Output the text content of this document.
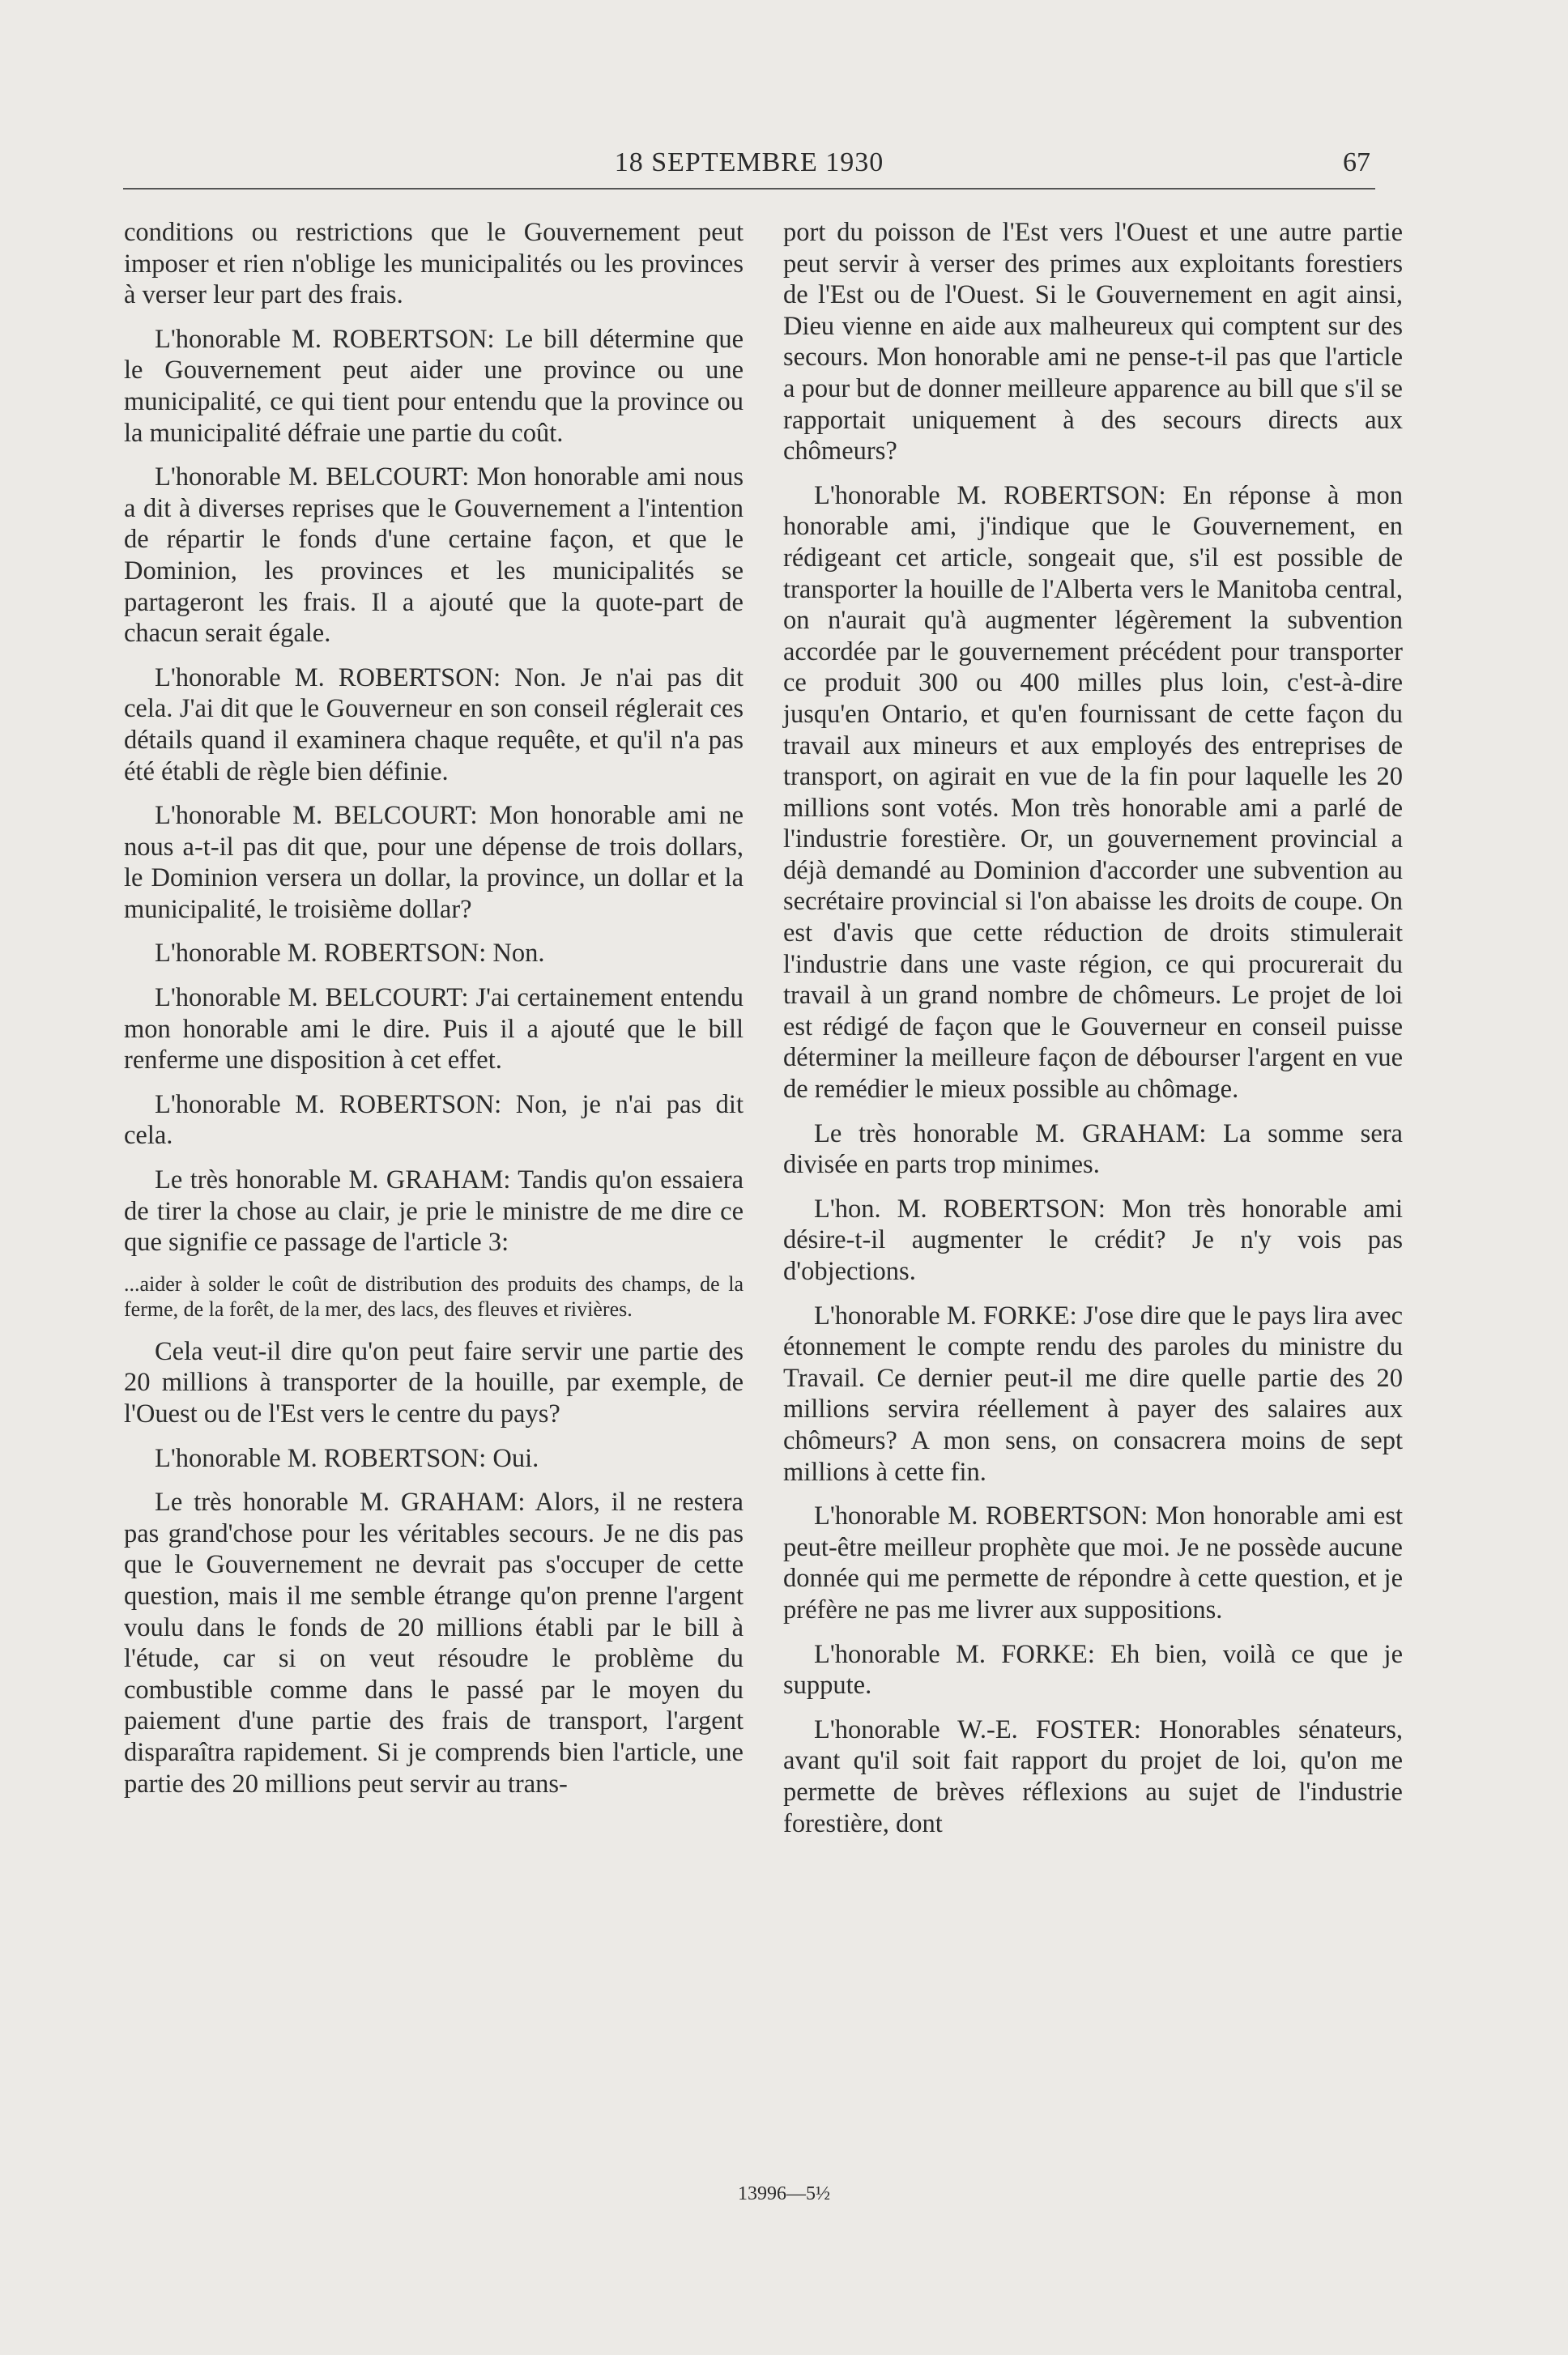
18 SEPTEMBRE 1930	67

conditions ou restrictions que le Gouvernement peut imposer et rien n'oblige les municipalités ou les provinces à verser leur part des frais.

L'honorable M. ROBERTSON: Le bill détermine que le Gouvernement peut aider une province ou une municipalité, ce qui tient pour entendu que la province ou la municipalité défraie une partie du coût.

L'honorable M. BELCOURT: Mon honorable ami nous a dit à diverses reprises que le Gouvernement a l'intention de répartir le fonds d'une certaine façon, et que le Dominion, les provinces et les municipalités se partageront les frais. Il a ajouté que la quote-part de chacun serait égale.

L'honorable M. ROBERTSON: Non. Je n'ai pas dit cela. J'ai dit que le Gouverneur en son conseil réglerait ces détails quand il examinera chaque requête, et qu'il n'a pas été établi de règle bien définie.

L'honorable M. BELCOURT: Mon honorable ami ne nous a-t-il pas dit que, pour une dépense de trois dollars, le Dominion versera un dollar, la province, un dollar et la municipalité, le troisième dollar?

L'honorable M. ROBERTSON: Non.

L'honorable M. BELCOURT: J'ai certainement entendu mon honorable ami le dire. Puis il a ajouté que le bill renferme une disposition à cet effet.

L'honorable M. ROBERTSON: Non, je n'ai pas dit cela.

Le très honorable M. GRAHAM: Tandis qu'on essaiera de tirer la chose au clair, je prie le ministre de me dire ce que signifie ce passage de l'article 3:

...aider à solder le coût de distribution des produits des champs, de la ferme, de la forêt, de la mer, des lacs, des fleuves et rivières.

Cela veut-il dire qu'on peut faire servir une partie des 20 millions à transporter de la houille, par exemple, de l'Ouest ou de l'Est vers le centre du pays?

L'honorable M. ROBERTSON: Oui.

Le très honorable M. GRAHAM: Alors, il ne restera pas grand'chose pour les véritables secours. Je ne dis pas que le Gouvernement ne devrait pas s'occuper de cette question, mais il me semble étrange qu'on prenne l'argent voulu dans le fonds de 20 millions établi par le bill à l'étude, car si on veut résoudre le problème du combustible comme dans le passé par le moyen du paiement d'une partie des frais de transport, l'argent disparaîtra rapidement. Si je comprends bien l'article, une partie des 20 millions peut servir au trans-

port du poisson de l'Est vers l'Ouest et une autre partie peut servir à verser des primes aux exploitants forestiers de l'Est ou de l'Ouest. Si le Gouvernement en agit ainsi, Dieu vienne en aide aux malheureux qui comptent sur des secours. Mon honorable ami ne pense-t-il pas que l'article a pour but de donner meilleure apparence au bill que s'il se rapportait uniquement à des secours directs aux chômeurs?

L'honorable M. ROBERTSON: En réponse à mon honorable ami, j'indique que le Gouvernement, en rédigeant cet article, songeait que, s'il est possible de transporter la houille de l'Alberta vers le Manitoba central, on n'aurait qu'à augmenter légèrement la subvention accordée par le gouvernement précédent pour transporter ce produit 300 ou 400 milles plus loin, c'est-à-dire jusqu'en Ontario, et qu'en fournissant de cette façon du travail aux mineurs et aux employés des entreprises de transport, on agirait en vue de la fin pour laquelle les 20 millions sont votés. Mon très honorable ami a parlé de l'industrie forestière. Or, un gouvernement provincial a déjà demandé au Dominion d'accorder une subvention au secrétaire provincial si l'on abaisse les droits de coupe. On est d'avis que cette réduction de droits stimulerait l'industrie dans une vaste région, ce qui procurerait du travail à un grand nombre de chômeurs. Le projet de loi est rédigé de façon que le Gouverneur en conseil puisse déterminer la meilleure façon de débourser l'argent en vue de remédier le mieux possible au chômage.

Le très honorable M. GRAHAM: La somme sera divisée en parts trop minimes.

L'hon. M. ROBERTSON: Mon très honorable ami désire-t-il augmenter le crédit? Je n'y vois pas d'objections.

L'honorable M. FORKE: J'ose dire que le pays lira avec étonnement le compte rendu des paroles du ministre du Travail. Ce dernier peut-il me dire quelle partie des 20 millions servira réellement à payer des salaires aux chômeurs? A mon sens, on consacrera moins de sept millions à cette fin.

L'honorable M. ROBERTSON: Mon honorable ami est peut-être meilleur prophète que moi. Je ne possède aucune donnée qui me permette de répondre à cette question, et je préfère ne pas me livrer aux suppositions.

L'honorable M. FORKE: Eh bien, voilà ce que je suppute.

L'honorable W.-E. FOSTER: Honorables sénateurs, avant qu'il soit fait rapport du projet de loi, qu'on me permette de brèves réflexions au sujet de l'industrie forestière, dont

13996—5½
